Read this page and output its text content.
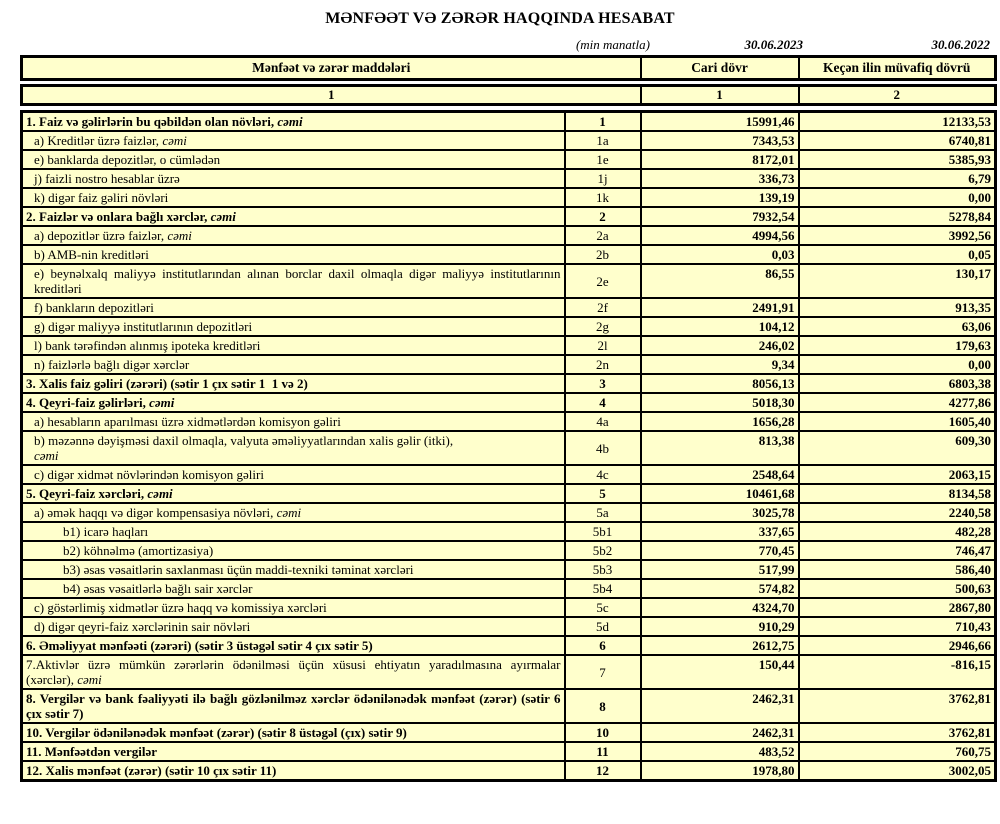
MƏNFƏƏT VƏ ZƏRƏR HAQQINDA HESABAT
(min manatla)	30.06.2023	30.06.2022
Mənfəət və zərər maddələri	Cari dövr	Keçən ilin müvafiq dövrü
1	1	2
1. Faiz və gəlirlərin bu qəbildən olan növləri, cəmi	1	15991,46	12133,53
a) Kreditlər üzrə faizlər, cəmi	1a	7343,53	6740,81
e) banklarda depozitlər, o cümlədən	1e	8172,01	5385,93
j) faizli nostro hesablar üzrə	1j	336,73	6,79
k) digər faiz gəliri növləri	1k	139,19	0,00
2. Faizlər və onlara bağlı xərclər, cəmi	2	7932,54	5278,84
a) depozitlər üzrə faizlər, cəmi	2a	4994,56	3992,56
b) AMB-nin kreditləri	2b	0,03	0,05
e) beynəlxalq maliyyə institutlarından alınan borclar daxil olmaqla digər maliyyə institutlarının kreditləri	2e	86,55	130,17
f) bankların depozitləri	2f	2491,91	913,35
g) digər maliyyə institutlarının depozitləri	2g	104,12	63,06
l) bank tərəfindən alınmış ipoteka kreditləri	2l	246,02	179,63
n) faizlərlə bağlı digər xərclər	2n	9,34	0,00
3. Xalis faiz gəliri (zərəri) (sətir 1 çıx sətir 1  1 və 2)	3	8056,13	6803,38
4. Qeyri-faiz gəlirləri, cəmi	4	5018,30	4277,86
a) hesabların aparılması üzrə xidmətlərdən komisyon gəliri	4a	1656,28	1605,40
b) məzənnə dəyişməsi daxil olmaqla, valyuta əməliyyatlarından xalis gəlir (itki),
cəmi	4b	813,38	609,30
c) digər xidmət növlərindən komisyon gəliri	4c	2548,64	2063,15
5. Qeyri-faiz xərcləri, cəmi	5	10461,68	8134,58
a) əmək haqqı və digər kompensasiya növləri, cəmi	5a	3025,78	2240,58
b1) icarə haqları	5b1	337,65	482,28
b2) köhnəlmə (amortizasiya)	5b2	770,45	746,47
b3) əsas vəsaitlərin saxlanması üçün maddi-texniki təminat xərcləri	5b3	517,99	586,40
b4) əsas vəsaitlərlə bağlı sair xərclər	5b4	574,82	500,63
c) göstərlimiş xidmətlər üzrə haqq və komissiya xərcləri	5c	4324,70	2867,80
d) digər qeyri-faiz xərclərinin sair növləri	5d	910,29	710,43
6. Əməliyyat mənfəəti (zərəri) (sətir 3 üstəgəl sətir 4 çıx sətir 5)	6	2612,75	2946,66
7.Aktivlər üzrə mümkün zərərlərin ödənilməsi üçün xüsusi ehtiyatın yaradılmasına ayırmalar (xərclər), cəmi	7	150,44	-816,15
8. Vergilər və bank fəaliyyəti ilə bağlı gözlənilməz xərclər ödənilənədək mənfəət (zərər) (sətir 6 çıx sətir 7)	8	2462,31	3762,81
10. Vergilər ödənilənədək mənfəət (zərər) (sətir 8 üstəgəl (çıx) sətir 9)	10	2462,31	3762,81
11. Mənfəətdən vergilər	11	483,52	760,75
12. Xalis mənfəət (zərər) (sətir 10 çıx sətir 11)	12	1978,80	3002,05
